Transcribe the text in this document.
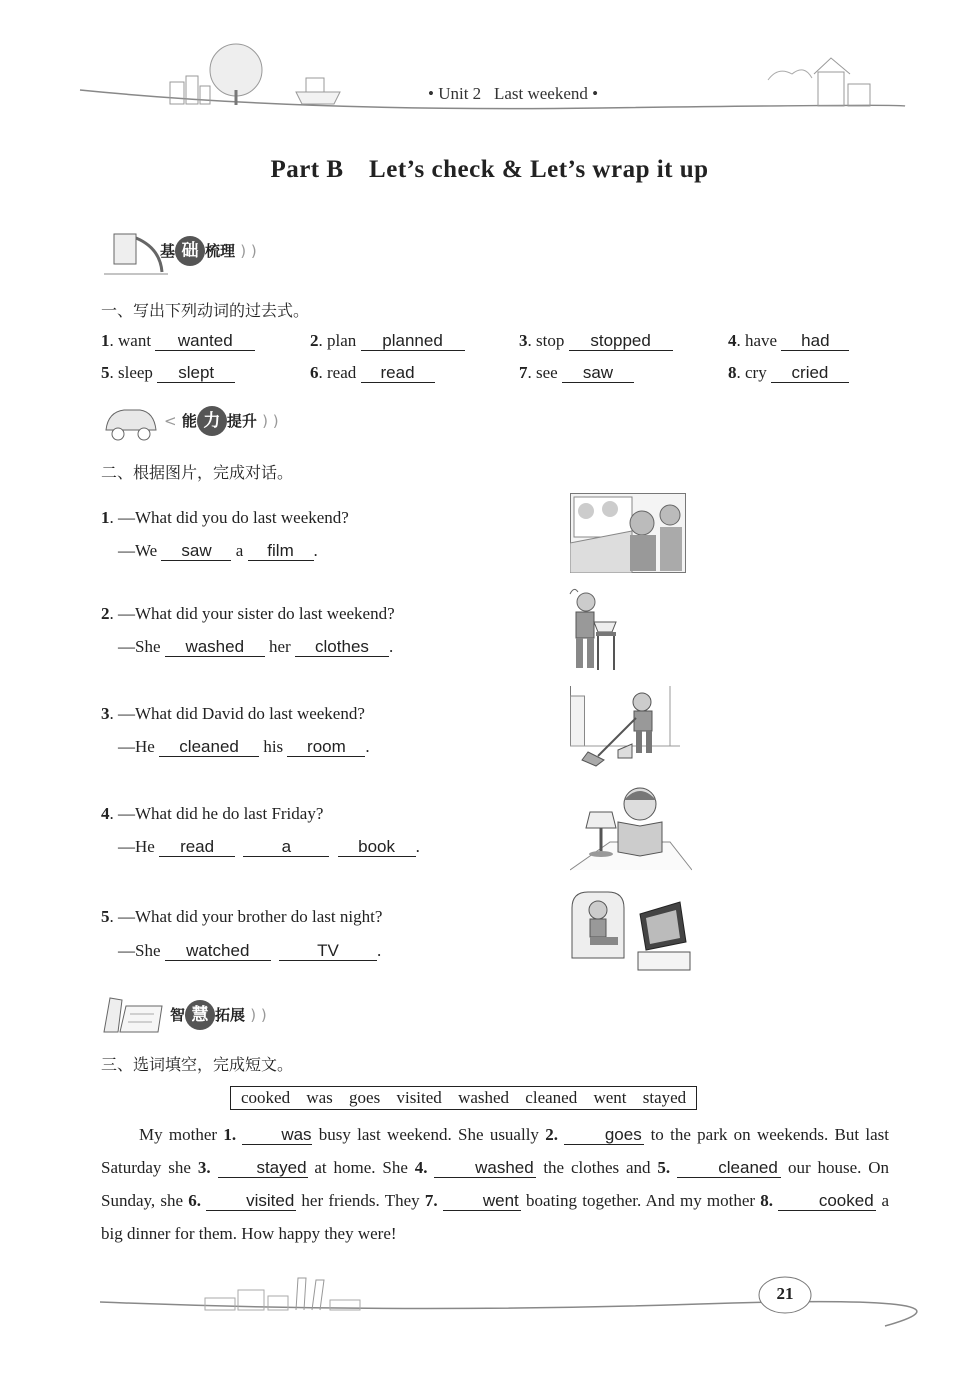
• Unit 2 Last weekend •
Part B Let’s check & Let’s wrap it up
基 础 梳理 ) )
一、写出下列动词的过去式。
1. want wanted	2. plan planned	3. stop stopped	4. have had
5. sleep slept	6. read read	7. see saw	8. cry cried
< 能 力 提升 ) )
二、根据图片，完成对话。
1. —What did you do last weekend?
—We saw a film .
2. —What did your sister do last weekend?
—She washed her clothes .
3. —What did David do last weekend?
—He cleaned his room .
4. —What did he do last Friday?
—He read	a	book .
5. —What did your brother do last night?
—She watched	TV .
智 慧 拓展 ) )
三、选词填空，完成短文。
cooked was goes visited washed cleaned went stayed
My mother 1.	was busy last weekend. She usually 2.	goes to the park on weekends. But last Saturday she 3.	stayed at home. She 4.	washed the clothes and 5.	cleaned our house. On Sunday, she 6.	visited her friends. They 7.	went boating together. And my mother 8.	cooked a big dinner for them. How happy they were!
21
